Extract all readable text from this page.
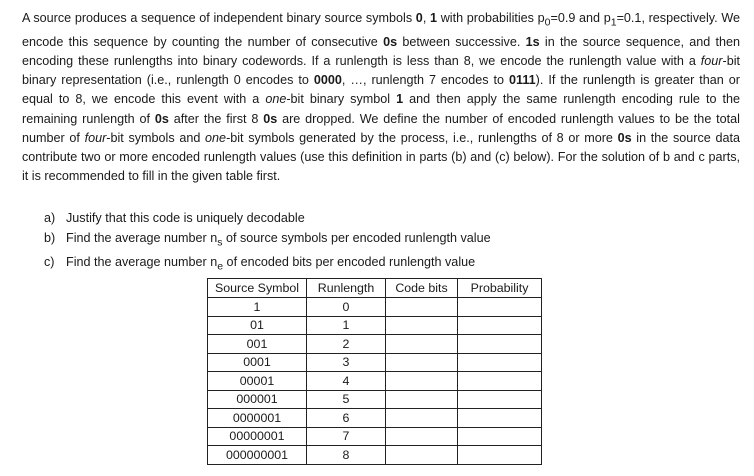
A source produces a sequence of independent binary source symbols 0, 1 with probabilities $p_0=0.9$ and $p_1=0.1$, respectively. We encode this sequence by counting the number of consecutive 0s between successive. 1s in the source sequence, and then encoding these runlengths into binary codewords. If a runlength is less than 8, we encode the runlength value with a four-bit binary representation (i.e., runlength 0 encodes to 0000, …, runlength 7 encodes to 0111). If the runlength is greater than or equal to 8, we encode this event with a one-bit binary symbol 1 and then apply the same runlength encoding rule to the remaining runlength of 0s after the first 8 0s are dropped. We define the number of encoded runlength values to be the total number of four-bit symbols and one-bit symbols generated by the process, i.e., runlengths of 8 or more 0s in the source data contribute two or more encoded runlength values (use this definition in parts (b) and (c) below). For the solution of b and c parts, it is recommended to fill in the given table first.
a) Justify that this code is uniquely decodable
b) Find the average number $n_s$ of source symbols per encoded runlength value
c) Find the average number $n_e$ of encoded bits per encoded runlength value
Source Symbol	Runlength	Code bits	Probability
1	0		
01	1		
001	2		
0001	3		
00001	4		
000001	5		
0000001	6		
00000001	7		
000000001	8		
